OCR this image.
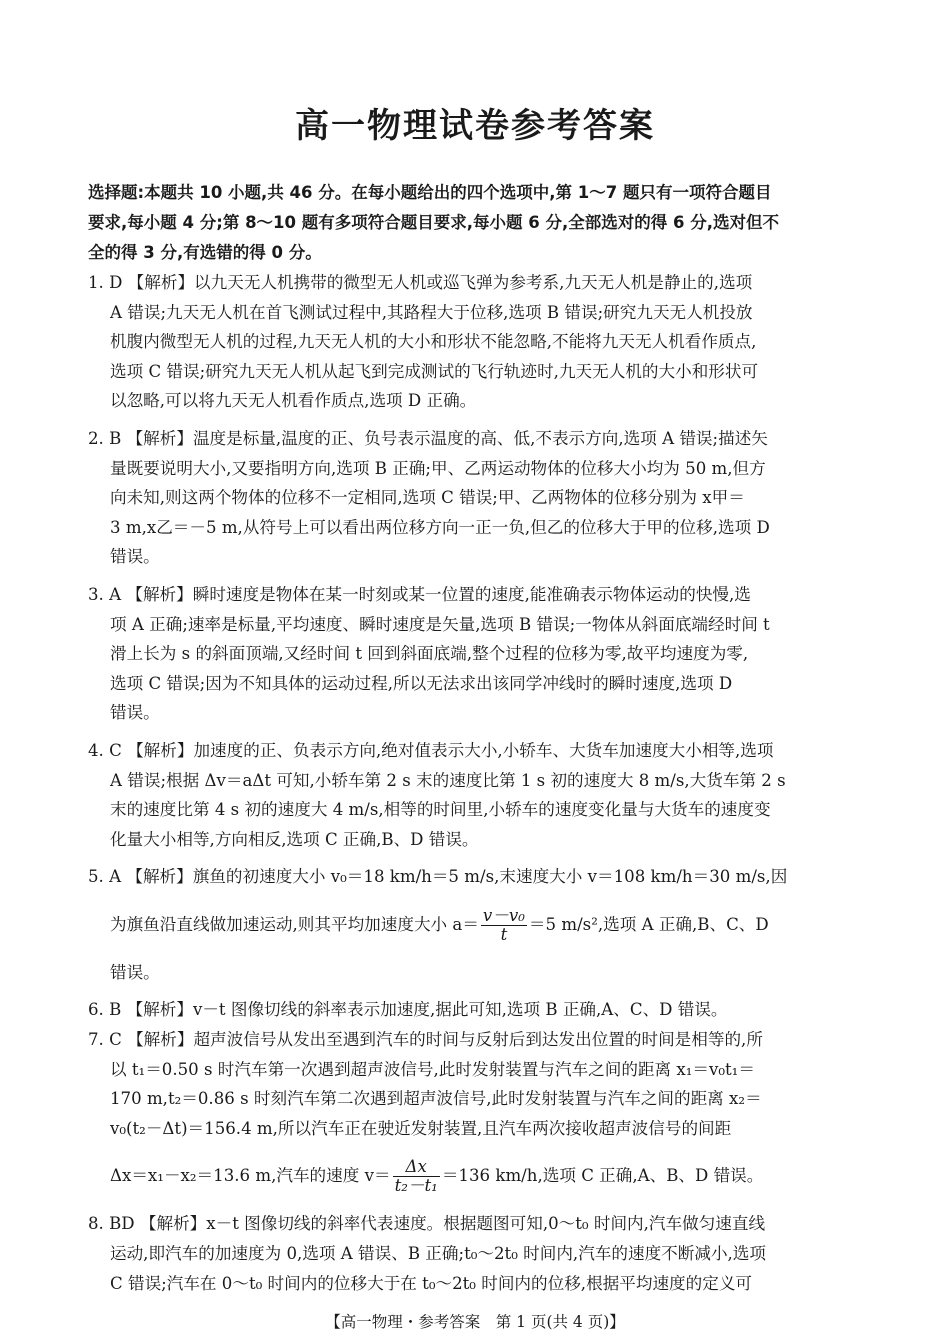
高一物理试卷参考答案
选择题:本题共 10 小题,共 46 分。在每小题给出的四个选项中,第 1～7 题只有一项符合题目
要求,每小题 4 分;第 8～10 题有多项符合题目要求,每小题 6 分,全部选对的得 6 分,选对但不
全的得 3 分,有选错的得 0 分。
1. D 【解析】以九天无人机携带的微型无人机或巡飞弹为参考系,九天无人机是静止的,选项
A 错误;九天无人机在首飞测试过程中,其路程大于位移,选项 B 错误;研究九天无人机投放
机腹内微型无人机的过程,九天无人机的大小和形状不能忽略,不能将九天无人机看作质点,
选项 C 错误;研究九天无人机从起飞到完成测试的飞行轨迹时,九天无人机的大小和形状可
以忽略,可以将九天无人机看作质点,选项 D 正确。
2. B 【解析】温度是标量,温度的正、负号表示温度的高、低,不表示方向,选项 A 错误;描述矢
量既要说明大小,又要指明方向,选项 B 正确;甲、乙两运动物体的位移大小均为 50 m,但方
向未知,则这两个物体的位移不一定相同,选项 C 错误;甲、乙两物体的位移分别为 x甲＝
3 m,x乙＝－5 m,从符号上可以看出两位移方向一正一负,但乙的位移大于甲的位移,选项 D
错误。
3. A 【解析】瞬时速度是物体在某一时刻或某一位置的速度,能准确表示物体运动的快慢,选
项 A 正确;速率是标量,平均速度、瞬时速度是矢量,选项 B 错误;一物体从斜面底端经时间 t
滑上长为 s 的斜面顶端,又经时间 t 回到斜面底端,整个过程的位移为零,故平均速度为零,
选项 C 错误;因为不知具体的运动过程,所以无法求出该同学冲线时的瞬时速度,选项 D
错误。
4. C 【解析】加速度的正、负表示方向,绝对值表示大小,小轿车、大货车加速度大小相等,选项
A 错误;根据 Δv＝aΔt 可知,小轿车第 2 s 末的速度比第 1 s 初的速度大 8 m/s,大货车第 2 s
末的速度比第 4 s 初的速度大 4 m/s,相等的时间里,小轿车的速度变化量与大货车的速度变
化量大小相等,方向相反,选项 C 正确,B、D 错误。
5. A 【解析】旗鱼的初速度大小 v₀＝18 km/h＝5 m/s,末速度大小 v＝108 km/h＝30 m/s,因
为旗鱼沿直线做加速运动,则其平均加速度大小 $a= \frac{\text{v－v₀}}{t} =5$ m/s²,选项 A 正确,B、C、D
错误。
6. B 【解析】v－t 图像切线的斜率表示加速度,据此可知,选项 B 正确,A、C、D 错误。
7. C 【解析】超声波信号从发出至遇到汽车的时间与反射后到达发出位置的时间是相等的,所
以 t₁＝0.50 s 时汽车第一次遇到超声波信号,此时发射装置与汽车之间的距离 x₁＝v₀t₁＝
170 m,t₂＝0.86 s 时刻汽车第二次遇到超声波信号,此时发射装置与汽车之间的距离 x₂＝
v₀(t₂－Δt)＝156.4 m,所以汽车正在驶近发射装置,且汽车两次接收超声波信号的间距
Δx＝x₁－x₂＝13.6 m,汽车的速度 $v= \frac{\Delta x}{\text{t₂－t₁}} =136$ km/h,选项 C 正确,A、B、D 错误。
8. BD 【解析】x－t 图像切线的斜率代表速度。根据题图可知,0～t₀ 时间内,汽车做匀速直线
运动,即汽车的加速度为 0,选项 A 错误、B 正确;t₀～2t₀ 时间内,汽车的速度不断减小,选项
C 错误;汽车在 0～t₀ 时间内的位移大于在 t₀～2t₀ 时间内的位移,根据平均速度的定义可
【高一物理・参考答案　第 1 页(共 4 页)】
